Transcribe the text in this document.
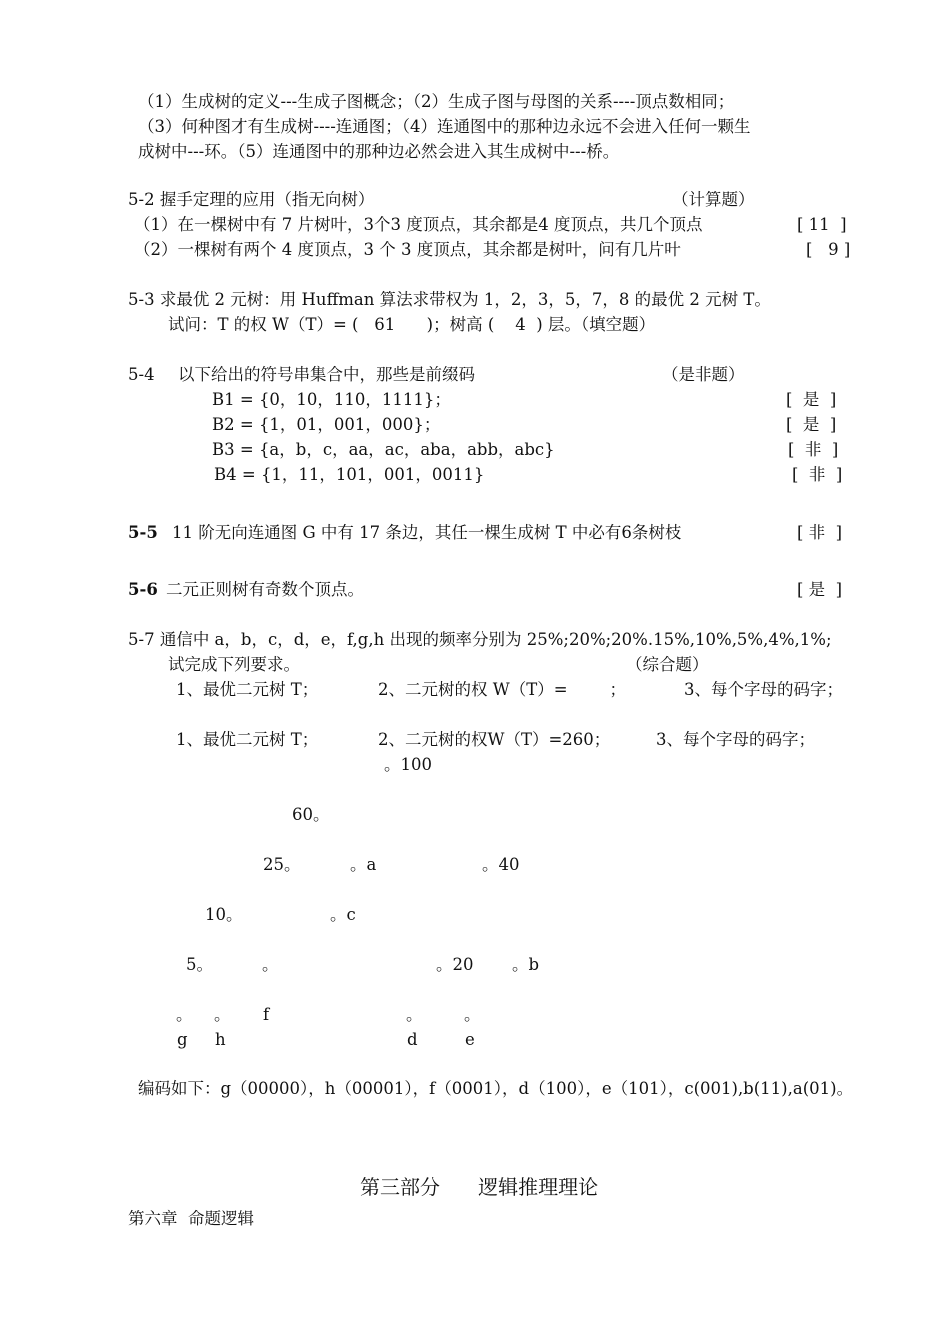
（1）生成树的定义---生成子图概念；（2）生成子图与母图的关系----顶点数相同；
（3）何种图才有生成树----连通图；（4）连通图中的那种边永远不会进入任何一颗生
成树中---环。（5）连通图中的那种边必然会进入其生成树中---桥。
5-2 握手定理的应用（指无向树）	（计算题）
（1）在一棵树中有 7 片树叶，3个3 度顶点，其余都是4 度顶点，共几个顶点	[ 11  ]
（2）一棵树有两个 4 度顶点，3 个 3 度顶点，其余都是树叶，问有几片叶	[   9 ]
5-3 求最优 2 元树：用 Huffman 算法求带权为 1，2，3，5，7，8 的最优 2 元树 T。
试问：T 的权 W（T）= (   61      )；树高 (    4  ) 层。（填空题）
5-4 以下给出的符号串集合中，那些是前缀码	（是非题）
B1 = {0，10，110，1111}；	[  是  ]
B2 = {1，01，001，000}；	[  是  ]
B3 = {a，b，c，aa，ac，aba，abb，abc}	[  非  ]
B4 = {1，11，101，001，0011}	[  非  ]
5-5 11 阶无向连通图 G 中有 17 条边，其任一棵生成树 T 中必有6条树枝	[ 非  ]
5-6 二元正则树有奇数个顶点。	[ 是  ]
5-7 通信中 a，b，c，d，e，f,g,h 出现的频率分别为 25%;20%;20%.15%,10%,5%,4%,1%;
试完成下列要求。	（综合题）
1、最优二元树 T；	2、二元树的权 W（T）=        ；	3、每个字母的码字；
1、最优二元树 T；	2、二元树的权W（T）=260；	3、每个字母的码字；
。100
60。
25。	。a	。40
10。	。c
5。	。	。20 。b
。 。 f	。	。
g h	d	e
编码如下：g（00000），h（00001），f（0001），d（100），e（101），c(001),b(11),a(01)。
第三部分      逻辑推理理论
第六章  命题逻辑
